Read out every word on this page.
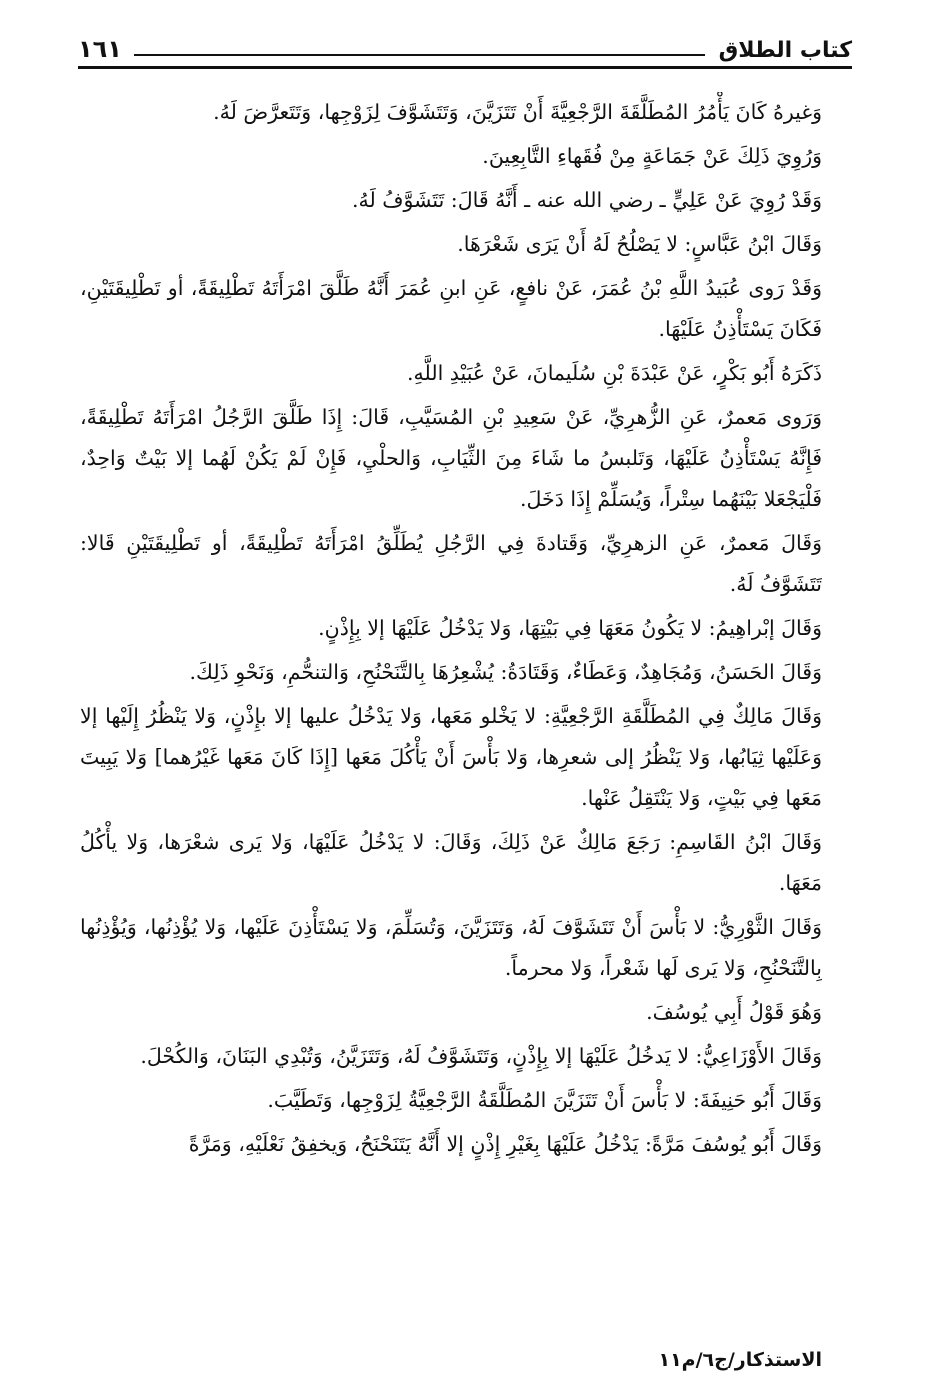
كتاب الطلاق
١٦١

وَغيرهُ كَانَ يَأْمُرُ المُطَلَّقَةَ الرَّجْعِيَّةَ أَنْ تَتَزَيَّنَ، وَتَتَشَوَّفَ لِزَوْجِها، وَتَتَعرَّضَ لَهُ.

وَرُوِيَ ذَلِكَ عَنْ جَمَاعَةٍ مِنْ فُقَهاءِ التَّابِعِينَ.

وَقَدْ رُوِيَ عَنْ عَلِيٍّ ـ رضي الله عنه ـ أَنَّهُ قَالَ: تَتَشَوَّفُ لَهُ.

وَقَالَ ابْنُ عَبَّاسٍ: لا يَصْلُحُ لَهُ أَنْ يَرَى شَعْرَهَا.

وَقَدْ رَوى عُبَيدُ اللَّهِ بْنُ عُمَرَ، عَنْ نافعٍ، عَنِ ابنِ عُمَرَ أَنَّهُ طَلَّقَ امْرَأَتَهُ تَطْلِيقَةً، أو تَطْلِيقَتَيْنِ، فَكَانَ يَسْتَأْذِنُ عَلَيْهَا.

ذَكَرَهُ أَبُو بَكْرٍ، عَنْ عَبْدَةَ بْنِ سُلَيمانَ، عَنْ عُبَيْدِ اللَّهِ.

وَرَوى مَعمرٌ، عَنِ الزُّهرِيِّ، عَنْ سَعِيدِ بْنِ المُسَيَّبِ، قَالَ: إِذَا طَلَّقَ الرَّجُلُ امْرَأَتَهُ تَطْلِيقَةً، فَإِنَّهُ يَسْتَأْذِنُ عَلَيْهَا، وَتَلبسُ ما شَاءَ مِنَ الثِّيَابِ، وَالحلْيِ، فَإِنْ لَمْ يَكُنْ لَهُما إلا بَيْتٌ وَاحِدٌ، فَلْيَجْعَلا بَيْنَهُما سِتْراً، وَيُسَلِّمْ إِذَا دَخَلَ.

وَقَالَ مَعمرٌ، عَنِ الزهرِيِّ، وَقَتادةَ فِي الرَّجُلِ يُطَلِّقُ امْرَأَتَهُ تَطْلِيقَةً، أو تَطْلِيقَتَيْنِ قَالا: تَتَشَوَّفُ لَهُ.

وَقَالَ إبْراهِيمُ: لا يَكُونُ مَعَهَا فِي بَيْتِهَا، وَلا يَدْخُلُ عَلَيْهَا إلا بِإِذْنٍ.

وَقَالَ الحَسَنُ، وَمُجَاهِدٌ، وَعَطَاءٌ، وَقَتَادَةُ: يُشْعِرُهَا بِالتَّنَحْنُحِ، وَالتنحُّمِ، وَنَحْوِ ذَلِكَ.

وَقَالَ مَالِكٌ فِي المُطَلَّقَةِ الرَّجْعِيَّةِ: لا يَخْلو مَعَها، وَلا يَدْخُلُ عليها إلا بإِذْنٍ، وَلا يَنْظُرُ إِلَيْها إلا وَعَلَيْها ثِيَابُها، وَلا يَنْظُرُ إلى شعرِها، وَلا بَأْسَ أَنْ يَأْكُلَ مَعَها [إِذَا كَانَ مَعَها غَيْرُهما] وَلا يَبِيتَ مَعَها فِي بَيْتٍ، وَلا يَنْتَقِلُ عَنْها.

وَقَالَ ابْنُ القَاسِمِ: رَجَعَ مَالِكٌ عَنْ ذَلِكَ، وَقَالَ: لا يَدْخُلُ عَلَيْهَا، وَلا يَرى شعْرَها، وَلا يأْكُلُ مَعَهَا.

وَقَالَ الثَّوْرِيُّ: لا بَأْسَ أَنْ تَتَشَوَّفَ لَهُ، وَتَتَزَيَّنَ، وَتُسَلِّمَ، وَلا يَسْتَأْذِنَ عَلَيْها، وَلا يُؤْذِنُها، وَيُؤْذِنُها بِالتَّنَحْنُحِ، وَلا يَرى لَها شَعْراً، وَلا محرماً.

وَهُوَ قَوْلُ أَبِي يُوسُفَ.

وَقَالَ الأَوْزَاعِيُّ: لا يَدخُلُ عَلَيْهَا إلا بِإِذْنٍ، وَتَتَشَوَّفُ لَهُ، وَتَتَزَيَّنُ، وَتُبْدِي البَنَانَ، وَالكُحْلَ.

وَقَالَ أَبُو حَنِيفَةَ: لا بَأْسَ أَنْ تَتَزَيَّنَ المُطَلَّقَةُ الرَّجْعِيَّةُ لِزَوْجِها، وَتَطَيَّبَ.

وَقَالَ أَبُو يُوسُفَ مَرَّةً: يَدْخُلُ عَلَيْهَا بِغَيْرِ إِذْنٍ إلا أَنَّهُ يَتَنَحْنَحُ، وَيخفِقُ نَعْلَيْهِ، وَمَرَّةً

الاستذكار/ج٦/م١١
